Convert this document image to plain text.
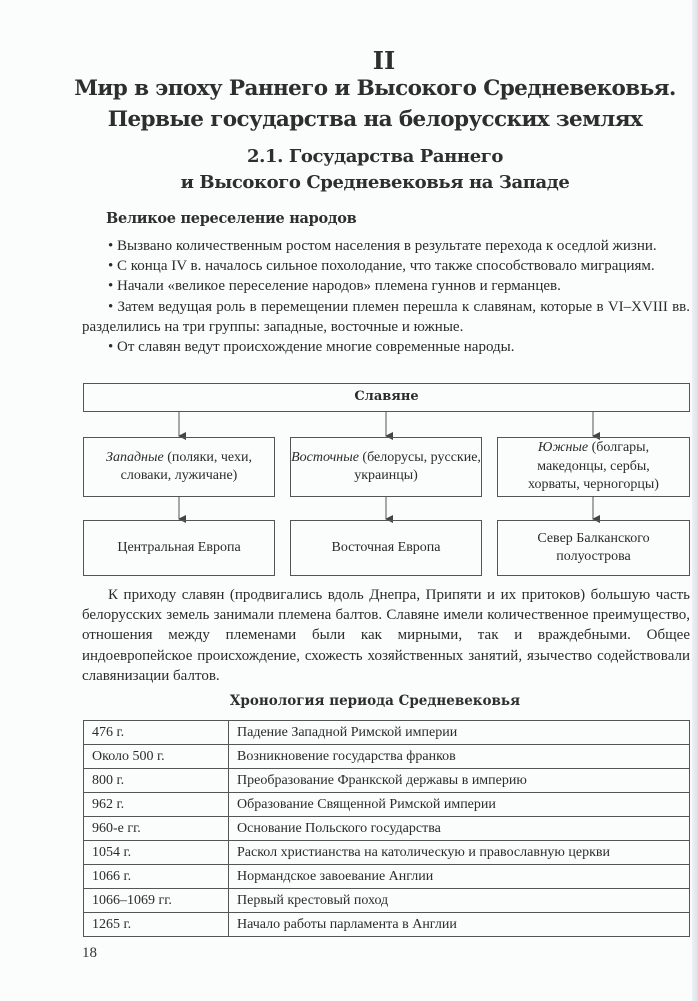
II
Мир в эпоху Раннего и Высокого Средневековья.
Первые государства на белорусских землях
2.1. Государства Раннего
и Высокого Средневековья на Западе
Великое переселение народов

• Вызвано количественным ростом населения в результате перехода к оседлой жизни.

• С конца IV в. началось сильное похолодание, что также способствовало миграциям.

• Начали «великое переселение народов» племена гуннов и германцев.

• Затем ведущая роль в перемещении племен перешла к славянам, которые в VI–XVIII вв. разделились на три группы: западные, восточные и южные.

• От славян ведут происхождение многие современные народы.

Славяне
Западные (поляки, чехи, словаки, лужичане)
Восточные (белорусы, русские, украинцы)
Южные (болгары, македонцы, сербы, хорваты, черногорцы)
Центральная Европа	Восточная Европа
Север Балканского полуострова

К приходу славян (продвигались вдоль Днепра, Припяти и их притоков) большую часть белорусских земель занимали племена балтов. Славяне имели количественное преимущество, отношения между племенами были как мирными, так и враждебными. Общее индоевропейское происхождение, схожесть хозяйственных занятий, язычество содействовали славянизации балтов.

Хронология периода Средневековья
476 г.	Падение Западной Римской империи
Около 500 г.	Возникновение государства франков
800 г.	Преобразование Франкской державы в империю
962 г.	Образование Священной Римской империи
960-е гг.	Основание Польского государства
1054 г.	Раскол христианства на католическую и православную церкви
1066 г.	Нормандское завоевание Англии
1066–1069 гг.	Первый крестовый поход
1265 г.	Начало работы парламента в Англии
18
